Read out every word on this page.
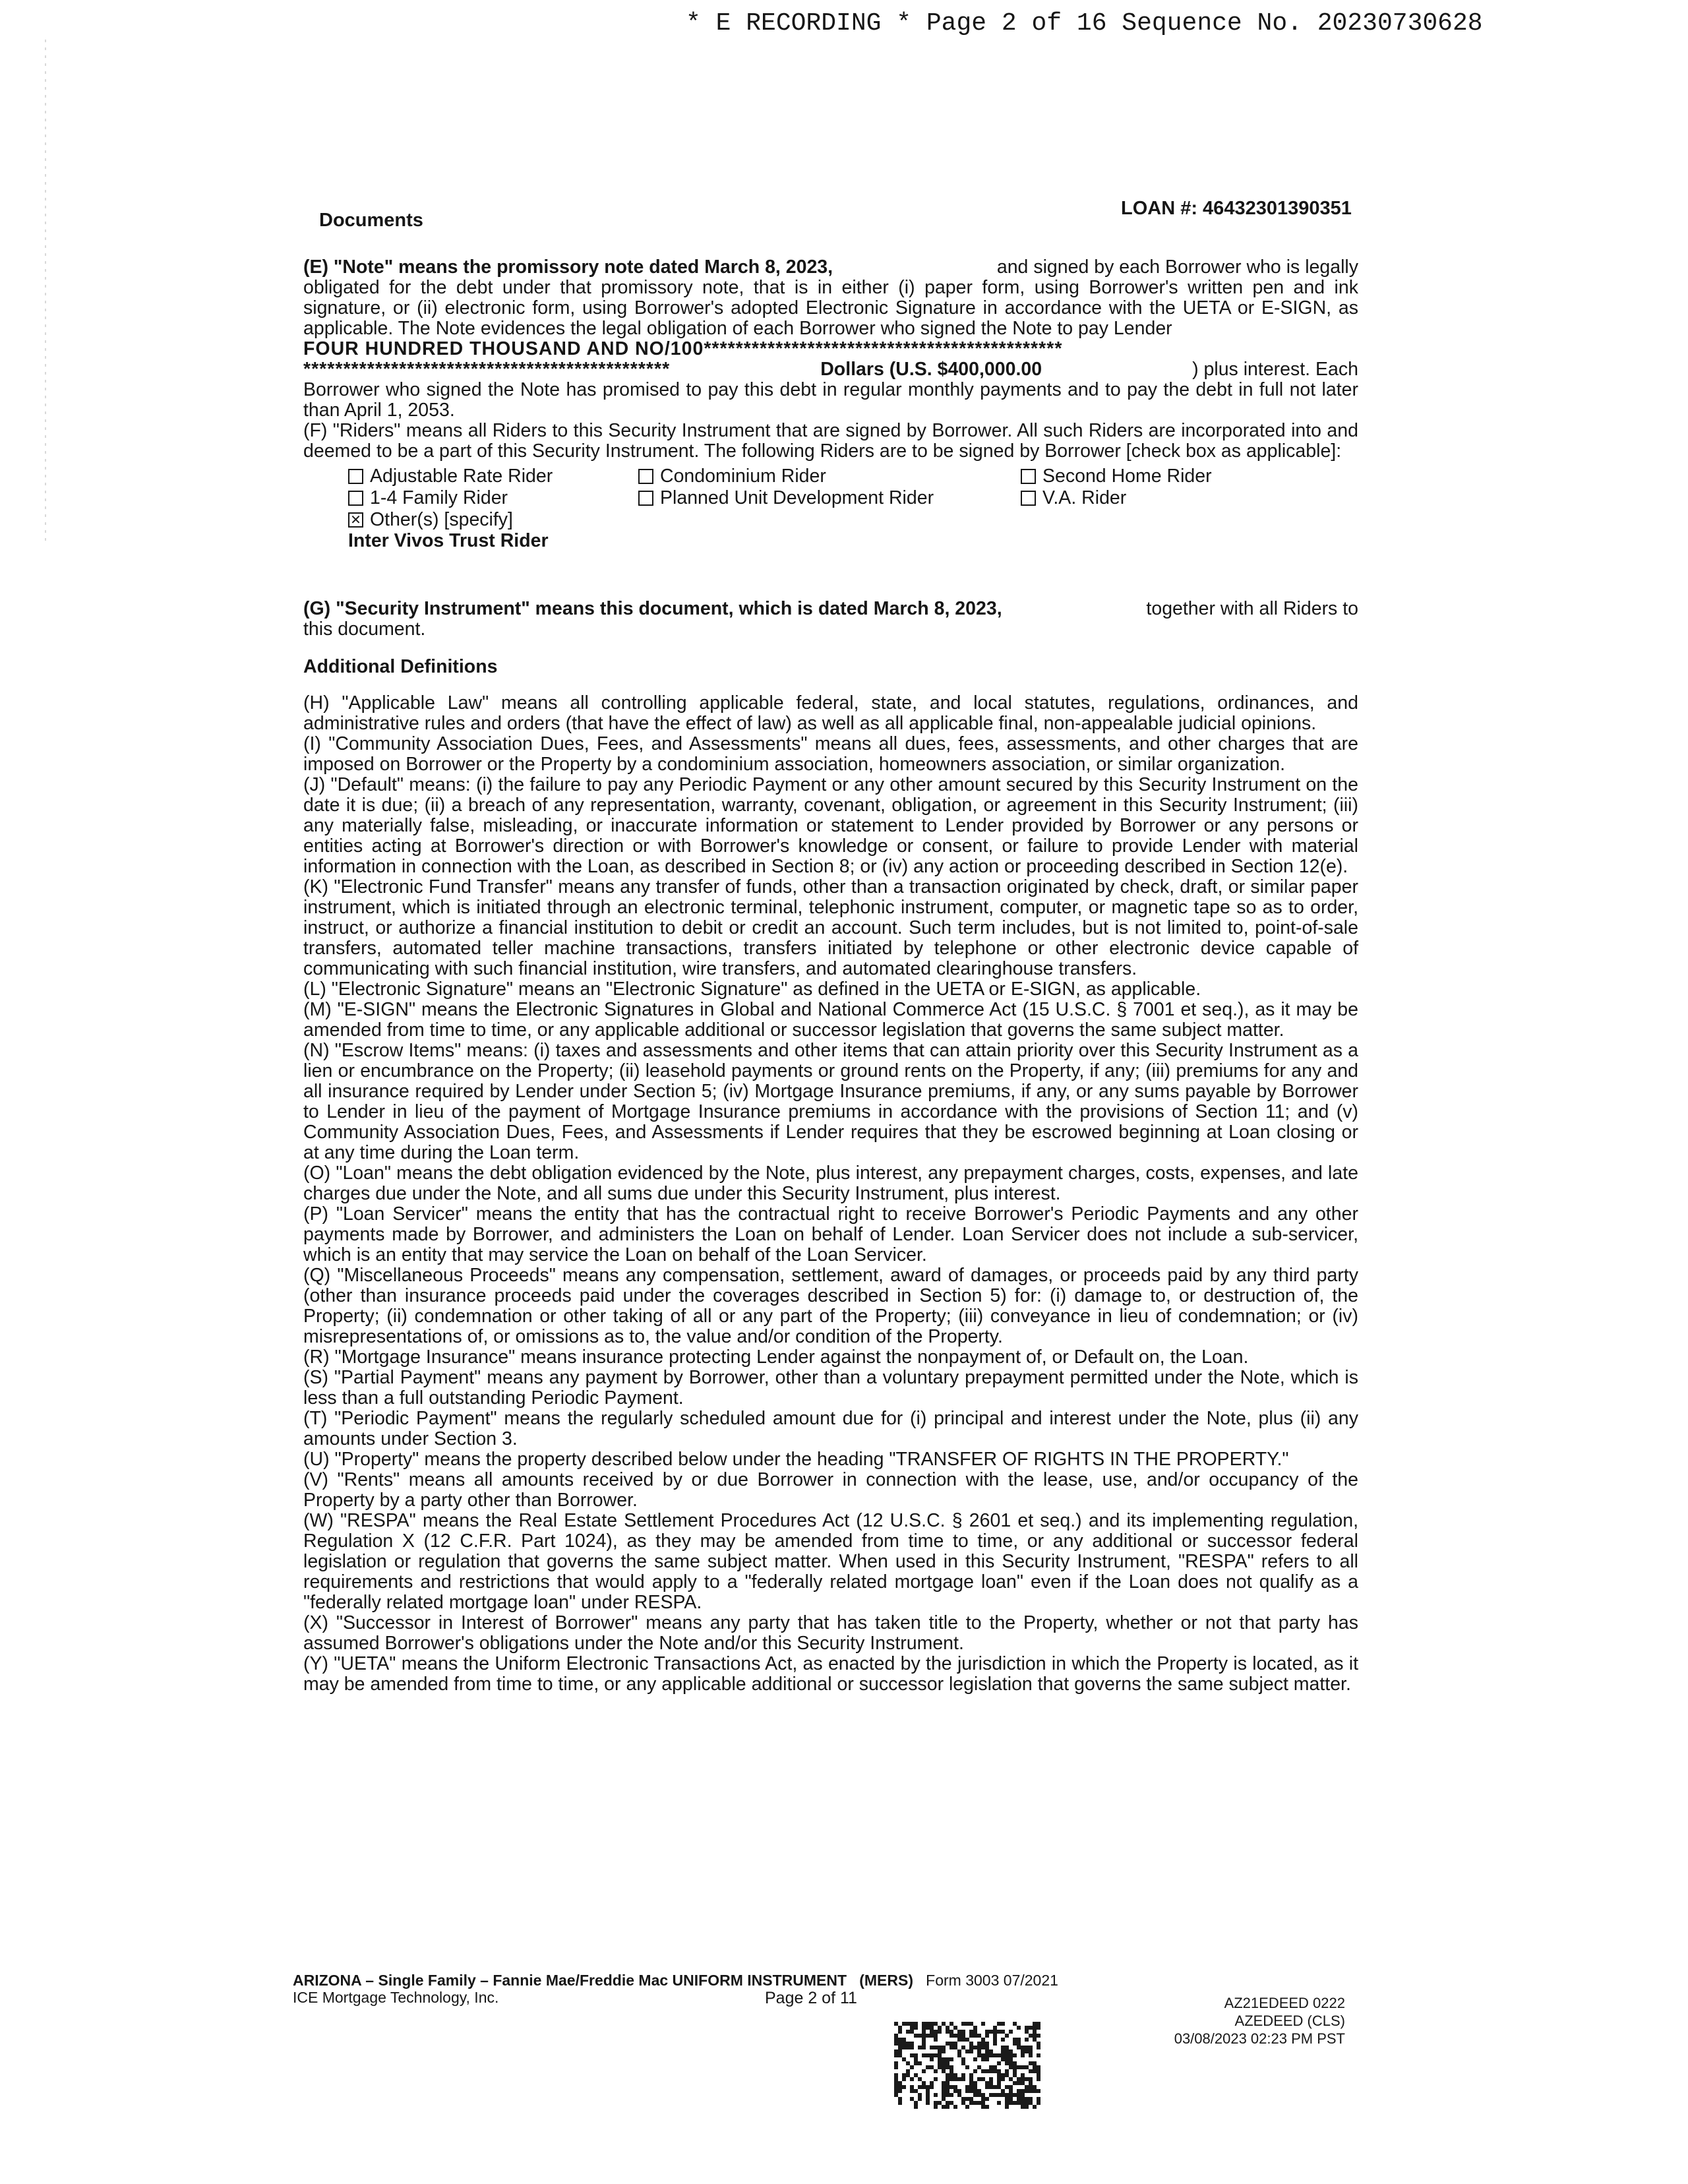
* E RECORDING * Page 2 of 16 Sequence No. 20230730628
Documents
LOAN #: 46432301390351
(E) "Note" means the promissory note dated March 8, 2023,	and signed by each Borrower who is legally

obligated for the debt under that promissory note, that is in either (i) paper form, using Borrower's written pen and ink signature, or (ii) electronic form, using Borrower's adopted Electronic Signature in accordance with the UETA or E-SIGN, as applicable. The Note evidences the legal obligation of each Borrower who signed the Note to pay Lender

FOUR HUNDRED THOUSAND AND NO/100*********************************************
**********************************************	Dollars (U.S. $400,000.00	) plus interest. Each

Borrower who signed the Note has promised to pay this debt in regular monthly payments and to pay the debt in full not later than April 1, 2053.

(F) "Riders" means all Riders to this Security Instrument that are signed by Borrower. All such Riders are incorporated into and deemed to be a part of this Security Instrument. The following Riders are to be signed by Borrower [check box as applicable]:

Adjustable Rate Rider	Condominium Rider	Second Home Rider
1-4 Family Rider	Planned Unit Development Rider	V.A. Rider
✕ Other(s) [specify]
Inter Vivos Trust Rider
(G) "Security Instrument" means this document, which is dated March 8, 2023,	together with all Riders to

this document.

Additional Definitions

(H) "Applicable Law" means all controlling applicable federal, state, and local statutes, regulations, ordinances, and administrative rules and orders (that have the effect of law) as well as all applicable final, non-appealable judicial opinions.

(I) "Community Association Dues, Fees, and Assessments" means all dues, fees, assessments, and other charges that are imposed on Borrower or the Property by a condominium association, homeowners association, or similar organization.

(J) "Default" means: (i) the failure to pay any Periodic Payment or any other amount secured by this Security Instrument on the date it is due; (ii) a breach of any representation, warranty, covenant, obligation, or agreement in this Security Instrument; (iii) any materially false, misleading, or inaccurate information or statement to Lender provided by Borrower or any persons or entities acting at Borrower's direction or with Borrower's knowledge or consent, or failure to provide Lender with material information in connection with the Loan, as described in Section 8; or (iv) any action or proceeding described in Section 12(e).

(K) "Electronic Fund Transfer" means any transfer of funds, other than a transaction originated by check, draft, or similar paper instrument, which is initiated through an electronic terminal, telephonic instrument, computer, or magnetic tape so as to order, instruct, or authorize a financial institution to debit or credit an account. Such term includes, but is not limited to, point-of-sale transfers, automated teller machine transactions, transfers initiated by telephone or other electronic device capable of communicating with such financial institution, wire transfers, and automated clearinghouse transfers.

(L) "Electronic Signature" means an "Electronic Signature" as defined in the UETA or E-SIGN, as applicable.

(M) "E-SIGN" means the Electronic Signatures in Global and National Commerce Act (15 U.S.C. § 7001 et seq.), as it may be amended from time to time, or any applicable additional or successor legislation that governs the same subject matter.

(N) "Escrow Items" means: (i) taxes and assessments and other items that can attain priority over this Security Instrument as a lien or encumbrance on the Property; (ii) leasehold payments or ground rents on the Property, if any; (iii) premiums for any and all insurance required by Lender under Section 5; (iv) Mortgage Insurance premiums, if any, or any sums payable by Borrower to Lender in lieu of the payment of Mortgage Insurance premiums in accordance with the provisions of Section 11; and (v) Community Association Dues, Fees, and Assessments if Lender requires that they be escrowed beginning at Loan closing or at any time during the Loan term.

(O) "Loan" means the debt obligation evidenced by the Note, plus interest, any prepayment charges, costs, expenses, and late charges due under the Note, and all sums due under this Security Instrument, plus interest.

(P) "Loan Servicer" means the entity that has the contractual right to receive Borrower's Periodic Payments and any other payments made by Borrower, and administers the Loan on behalf of Lender. Loan Servicer does not include a sub-servicer, which is an entity that may service the Loan on behalf of the Loan Servicer.

(Q) "Miscellaneous Proceeds" means any compensation, settlement, award of damages, or proceeds paid by any third party (other than insurance proceeds paid under the coverages described in Section 5) for: (i) damage to, or destruction of, the Property; (ii) condemnation or other taking of all or any part of the Property; (iii) conveyance in lieu of condemnation; or (iv) misrepresentations of, or omissions as to, the value and/or condition of the Property.

(R) "Mortgage Insurance" means insurance protecting Lender against the nonpayment of, or Default on, the Loan.

(S) "Partial Payment" means any payment by Borrower, other than a voluntary prepayment permitted under the Note, which is less than a full outstanding Periodic Payment.

(T) "Periodic Payment" means the regularly scheduled amount due for (i) principal and interest under the Note, plus (ii) any amounts under Section 3.

(U) "Property" means the property described below under the heading "TRANSFER OF RIGHTS IN THE PROPERTY."

(V) "Rents" means all amounts received by or due Borrower in connection with the lease, use, and/or occupancy of the Property by a party other than Borrower.

(W) "RESPA" means the Real Estate Settlement Procedures Act (12 U.S.C. § 2601 et seq.) and its implementing regulation, Regulation X (12 C.F.R. Part 1024), as they may be amended from time to time, or any additional or successor federal legislation or regulation that governs the same subject matter. When used in this Security Instrument, "RESPA" refers to all requirements and restrictions that would apply to a "federally related mortgage loan" even if the Loan does not qualify as a "federally related mortgage loan" under RESPA.

(X) "Successor in Interest of Borrower" means any party that has taken title to the Property, whether or not that party has assumed Borrower's obligations under the Note and/or this Security Instrument.

(Y) "UETA" means the Uniform Electronic Transactions Act, as enacted by the jurisdiction in which the Property is located, as it may be amended from time to time, or any applicable additional or successor legislation that governs the same subject matter.

ARIZONA – Single Family – Fannie Mae/Freddie Mac UNIFORM INSTRUMENT (MERS) Form 3003 07/2021
ICE Mortgage Technology, Inc.	Page 2 of 11	AZ21EDEED 0222
AZEDEED (CLS)
03/08/2023 02:23 PM PST
